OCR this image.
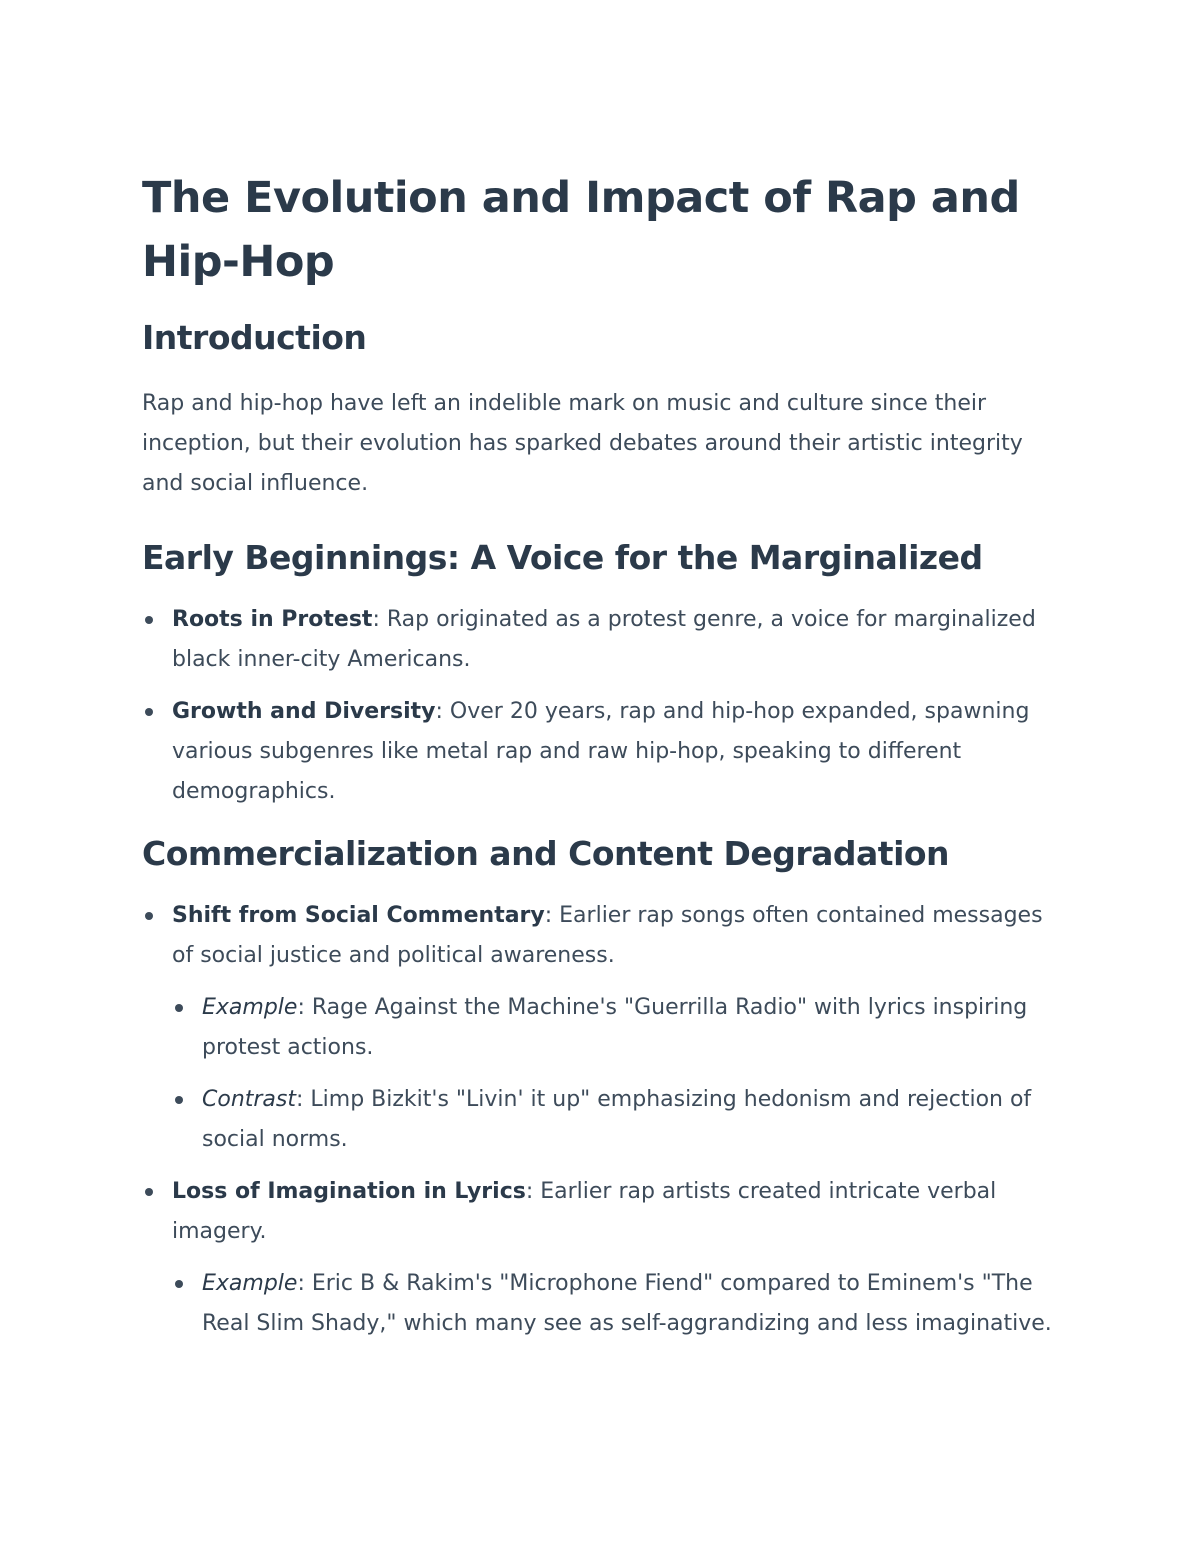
The Evolution and Impact of Rap and Hip-Hop
Introduction

Rap and hip-hop have left an indelible mark on music and culture since their inception, but their evolution has sparked debates around their artistic integrity and social influence.

Early Beginnings: A Voice for the Marginalized
Roots in Protest: Rap originated as a protest genre, a voice for marginalized black inner-city Americans.
Growth and Diversity: Over 20 years, rap and hip-hop expanded, spawning various subgenres like metal rap and raw hip-hop, speaking to different demographics.
Commercialization and Content Degradation
Shift from Social Commentary: Earlier rap songs often contained messages of social justice and political awareness.
Example: Rage Against the Machine's "Guerrilla Radio" with lyrics inspiring protest actions.
Contrast: Limp Bizkit's "Livin' it up" emphasizing hedonism and rejection of social norms.
Loss of Imagination in Lyrics: Earlier rap artists created intricate verbal imagery.
Example: Eric B & Rakim's "Microphone Fiend" compared to Eminem's "The Real Slim Shady," which many see as self-aggrandizing and less imaginative.
